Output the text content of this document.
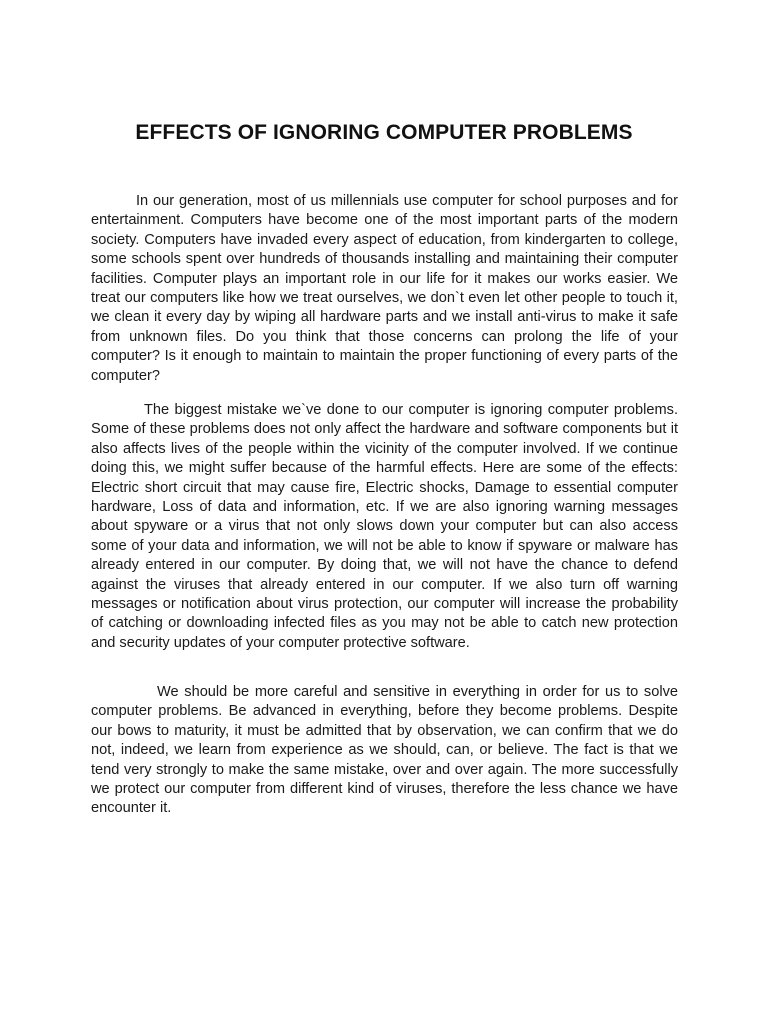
EFFECTS OF IGNORING COMPUTER PROBLEMS

In our generation, most of us millennials use computer for school purposes and for entertainment. Computers have become one of the most important parts of the modern society. Computers have invaded every aspect of education, from kindergarten to college, some schools spent over hundreds of thousands installing and maintaining their computer facilities. Computer plays an important role in our life for it makes our works easier. We treat our computers like how we treat ourselves, we don`t even let other people to touch it, we clean it every day by wiping all hardware parts and we install anti-virus to make it safe from unknown files. Do you think that those concerns can prolong the life of your computer? Is it enough to maintain to maintain the proper functioning of every parts of the computer?

The biggest mistake we`ve done to our computer is ignoring computer problems. Some of these problems does not only affect the hardware and software components but it also affects lives of the people within the vicinity of the computer involved. If we continue doing this, we might suffer because of the harmful effects. Here are some of the effects: Electric short circuit that may cause fire, Electric shocks, Damage to essential computer hardware, Loss of data and information, etc. If we are also ignoring warning messages about spyware or a virus that not only slows down your computer but can also access some of your data and information, we will not be able to know if spyware or malware has already entered in our computer. By doing that, we will not have the chance to defend against the viruses that already entered in our computer. If we also turn off warning messages or notification about virus protection, our computer will increase the probability of catching or downloading infected files as you may not be able to catch new protection and security updates of your computer protective software.

We should be more careful and sensitive in everything in order for us to solve computer problems. Be advanced in everything, before they become problems. Despite our bows to maturity, it must be admitted that by observation, we can confirm that we do not, indeed, we learn from experience as we should, can, or believe. The fact is that we tend very strongly to make the same mistake, over and over again. The more successfully we protect our computer from different kind of viruses, therefore the less chance we have encounter it.
